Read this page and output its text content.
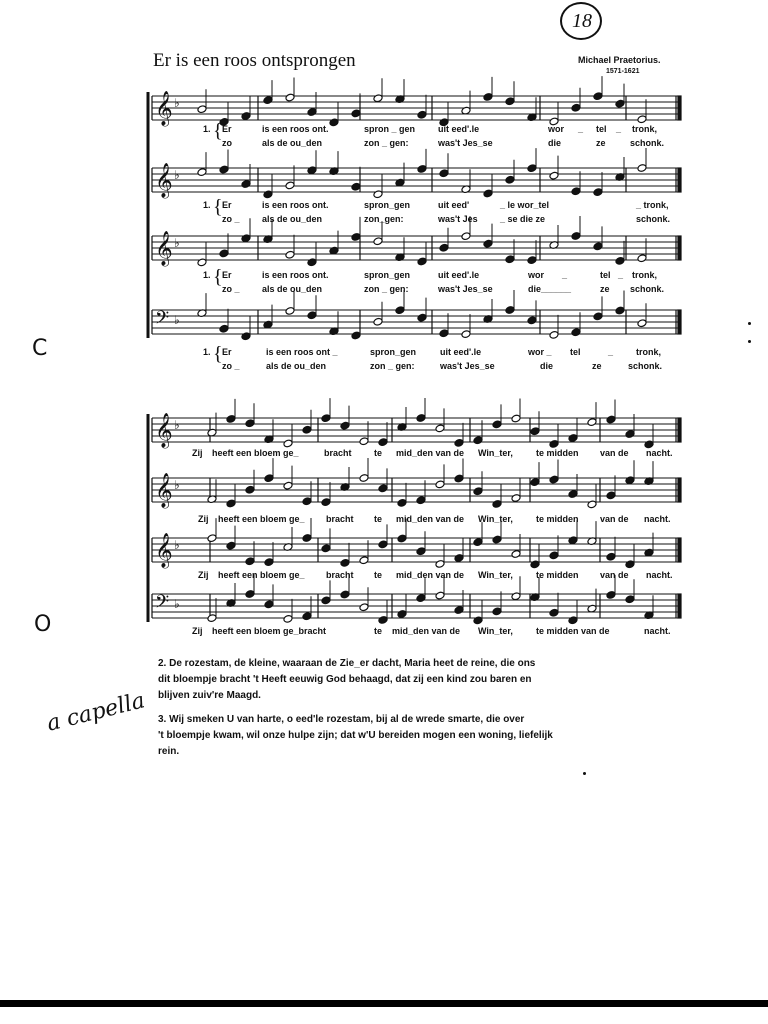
18
Er is een roos ontsprongen	Michael Praetorius.
1571-1621
𝄞 ♭
𝄞 ♭
𝄞 ♭
𝄢 ♭
𝄞 ♭
𝄞 ♭
𝄞 ♭
𝄢 ♭
1. { Er	is een roos ont.	spron _ gen	uit eed'.le	wor _ tel _ tronk,
zo	als de ou_den	zon _ gen:	was't Jes_se	die	ze	schonk.
1. { Er	is een roos ont.	spron_gen	uit eed'	_ le wor_tel	_ tronk,
zo _ als de ou_den	zon_gen:	was't Jes _ se die ze	schonk.
1. { Er	is een roos ont.	spron_gen	uit eed'.le	wor _	tel _ tronk,
zo _ als de ou_den	zon _ gen:	was't Jes_se	die______	ze schonk.
1. { Er	is een roos ont _	spron_gen	uit eed'.le	wor _ tel	_	tronk,
zo _	als de ou_den	zon _ gen:	was't Jes_se	die	ze	schonk.
Zij heeft een bloem ge_	bracht te mid_den van de Win_ter,	te midden van de nacht.
Zij heeft een bloem ge_ bracht te mid_den van de Win_ter,	te midden van de nacht.
Zij heeft een bloem ge_ bracht te mid_den van de Win_ter,	te midden van de nacht.
Zij heeft een bloem ge_bracht	te mid_den van de Win_ter,	te midden van de	nacht.
2. De rozestam, de kleine, waaraan de Zie_er dacht, Maria heet de reine, die ons
dit bloempje bracht 't Heeft eeuwig God behaagd, dat zij een kind zou baren en
blijven zuiv're Maagd.
3. Wij smeken U van harte, o eed'le rozestam, bij al de wrede smarte, die over
't bloempje kwam, wil onze hulpe zijn; dat w'U bereiden mogen een woning, liefelijk
rein.
a capella
C
O
